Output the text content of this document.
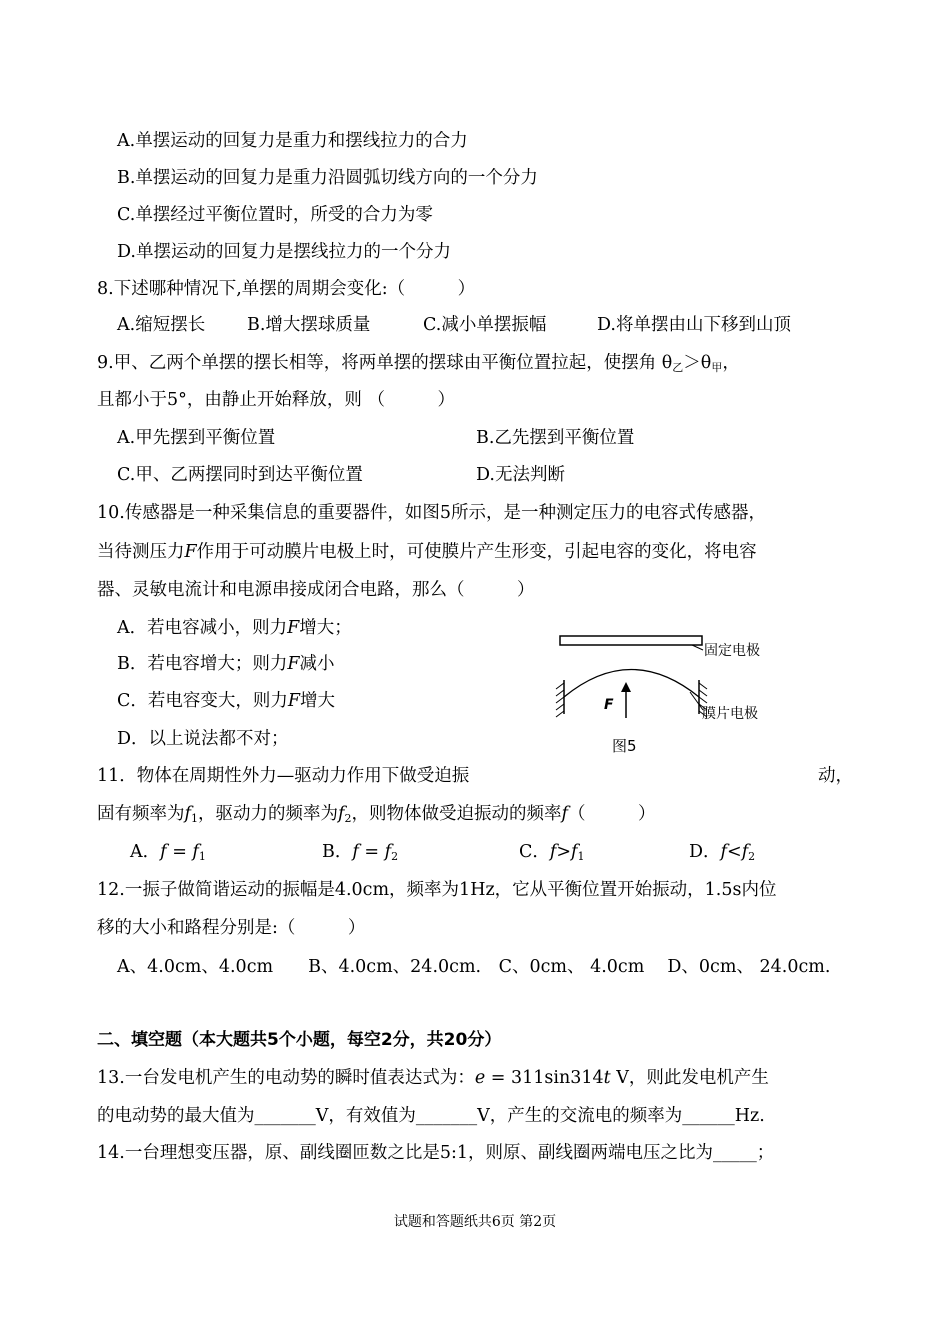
A.单摆运动的回复力是重力和摆线拉力的合力
B.单摆运动的回复力是重力沿圆弧切线方向的一个分力
C.单摆经过平衡位置时，所受的合力为零
D.单摆运动的回复力是摆线拉力的一个分力
8.下述哪种情况下,单摆的周期会变化:（　　　）
A.缩短摆长 B.增大摆球质量	C.减小单摆振幅	D.将单摆由山下移到山顶
9.甲、乙两个单摆的摆长相等，将两单摆的摆球由平衡位置拉起，使摆角 $\theta_乙>\theta_甲$，
且都小于5°，由静止开始释放，则 （　　　）
A.甲先摆到平衡位置	B.乙先摆到平衡位置
C.甲、乙两摆同时到达平衡位置	D.无法判断
10.传感器是一种采集信息的重要器件，如图5所示，是一种测定压力的电容式传感器，
当待测压力F作用于可动膜片电极上时，可使膜片产生形变，引起电容的变化，将电容
器、灵敏电流计和电源串接成闭合电路，那么（　　　）
A．若电容减小，则力F增大；
B．若电容增大；则力F减小
C．若电容变大，则力F增大
D．以上说法都不对；
固定电极
F
膜片电极
图5
11．物体在周期性外力—驱动力作用下做受迫振	动，
固有频率为$f_1$，驱动力的频率为$f_2$，则物体做受迫振动的频率f（　　　）
A．$f = f_1$	B．$f = f_2$	C．$f>f_1$	D．$f<f_2$
12.一振子做简谐运动的振幅是4.0cm，频率为1Hz，它从平衡位置开始振动，1.5s内位
移的大小和路程分别是:（　　　）
A、4.0cm、4.0cm　　B、4.0cm、24.0cm.　C、0cm、 4.0cm　 D、0cm、 24.0cm.
二、填空题（本大题共5个小题，每空2分，共20分）
13.一台发电机产生的电动势的瞬时值表达式为：e = 311sin314t V，则此发电机产生
的电动势的最大值为_______V，有效值为_______V，产生的交流电的频率为______Hz.
14.一台理想变压器，原、副线圈匝数之比是5:1，则原、副线圈两端电压之比为_____；
试题和答题纸共6页 第2页
